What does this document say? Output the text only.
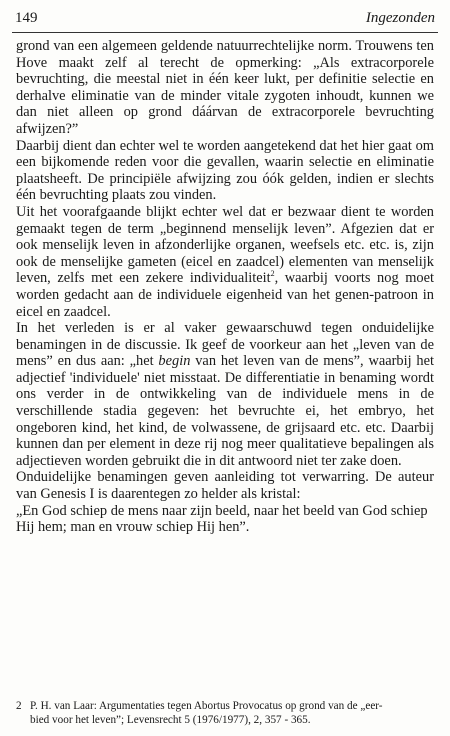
149	Ingezonden

grond van een algemeen geldende natuurrechtelijke norm. Trouwens ten Hove maakt zelf al terecht de opmerking: „Als extracorporele bevruchting, die meestal niet in één keer lukt, per definitie selectie en derhalve eliminatie van de minder vitale zygoten inhoudt, kunnen we dan niet alleen op grond dáárvan de extracorporele bevruchting afwijzen?”

Daarbij dient dan echter wel te worden aangetekend dat het hier gaat om een bijkomende reden voor die gevallen, waarin selectie en eliminatie plaatsheeft. De principiële afwijzing zou óók gelden, indien er slechts één bevruchting plaats zou vinden.

Uit het voorafgaande blijkt echter wel dat er bezwaar dient te worden gemaakt tegen de term „beginnend menselijk leven”. Afgezien dat er ook menselijk leven in afzonderlijke organen, weefsels etc. etc. is, zijn ook de menselijke gameten (eicel en zaadcel) elementen van menselijk leven, zelfs met een zekere individualiteit$^2$, waarbij voorts nog moet worden gedacht aan de individuele eigenheid van het genen-patroon in eicel en zaadcel.

In het verleden is er al vaker gewaarschuwd tegen onduidelijke benamingen in de discussie. Ik geef de voorkeur aan het „leven van de mens” en dus aan: „het begin van het leven van de mens”, waarbij het adjectief 'individuele' niet misstaat. De differentiatie in benaming wordt ons verder in de ontwikkeling van de individuele mens in de verschillende stadia gegeven: het bevruchte ei, het embryo, het ongeboren kind, het kind, de volwassene, de grijsaard etc. etc. Daarbij kunnen dan per element in deze rij nog meer qualitatieve bepalingen als adjectieven worden gebruikt die in dit antwoord niet ter zake doen.

Onduidelijke benamingen geven aanleiding tot verwarring. De auteur van Genesis I is daarentegen zo helder als kristal:

„En God schiep de mens naar zijn beeld, naar het beeld van God schiep Hij hem; man en vrouw schiep Hij hen”.

2 P. H. van Laar: Argumentaties tegen Abortus Provocatus op grond van de „eer-
bied voor het leven”; Levensrecht 5 (1976/1977), 2, 357 - 365.
